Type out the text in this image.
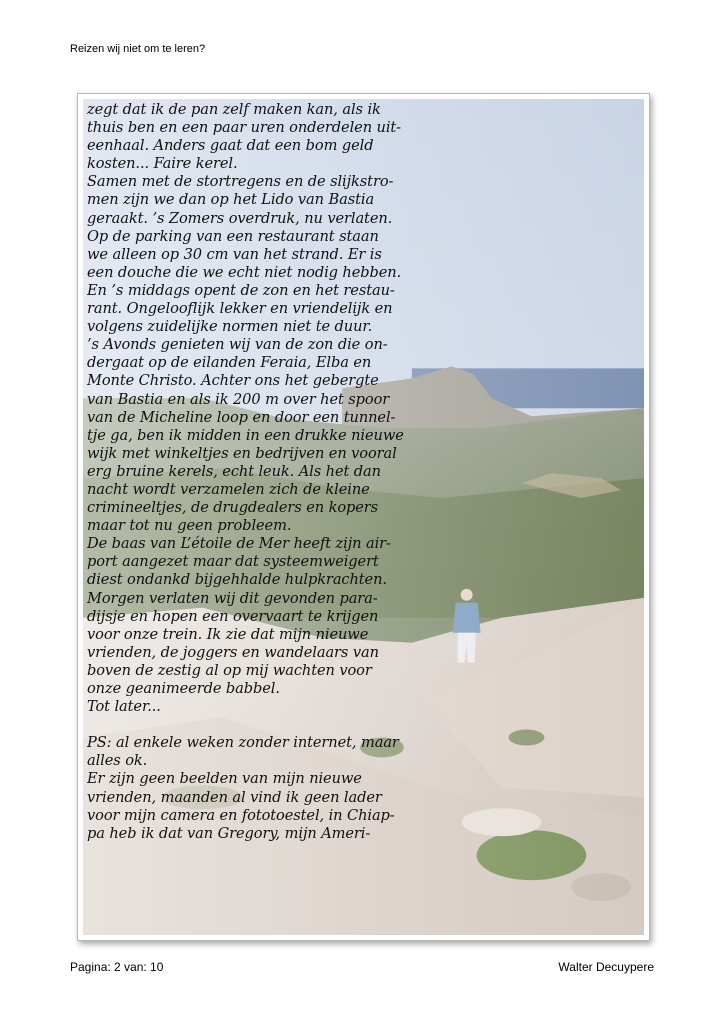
Reizen wij niet om te leren?
zegt dat ik de pan zelf maken kan, als ik
thuis ben en een paar uren onderdelen uit-
eenhaal. Anders gaat dat een bom geld
kosten... Faire kerel.
Samen met de stortregens en de slijkstro-
men zijn we dan op het Lido van Bastia
geraakt. ’s Zomers overdruk, nu verlaten.
Op de parking van een restaurant staan
we alleen op 30 cm van het strand. Er is
een douche die we echt niet nodig hebben.
En ’s middags opent de zon en het restau-
rant. Ongelooflijk lekker en vriendelijk en
volgens zuidelijke normen niet te duur.
’s Avonds genieten wij van de zon die on-
dergaat op de eilanden Feraia, Elba en
Monte Christo. Achter ons het gebergte
van Bastia en als ik 200 m over het spoor
van de Micheline loop en door een tunnel-
tje ga, ben ik midden in een drukke nieuwe
wijk met winkeltjes en bedrijven en vooral
erg bruine kerels, echt leuk. Als het dan
nacht wordt verzamelen zich de kleine
crimineeltjes, de drugdealers en kopers
maar tot nu geen probleem.
De baas van L’étoile de Mer heeft zijn air-
port aangezet maar dat systeemweigert
diest ondankd bijgehhalde hulpkrachten.
Morgen verlaten wij dit gevonden para-
dijsje en hopen een overvaart te krijgen
voor onze trein. Ik zie dat mijn nieuwe
vrienden, de joggers en wandelaars van
boven de zestig al op mij wachten voor
onze geanimeerde babbel.
Tot later...
PS: al enkele weken zonder internet, maar
alles ok.
Er zijn geen beelden van mijn nieuwe
vrienden, maanden al vind ik geen lader
voor mijn camera en fototoestel, in Chiap-
pa heb ik dat van Gregory, mijn Ameri-
Pagina: 2 van: 10	Walter Decuypere
